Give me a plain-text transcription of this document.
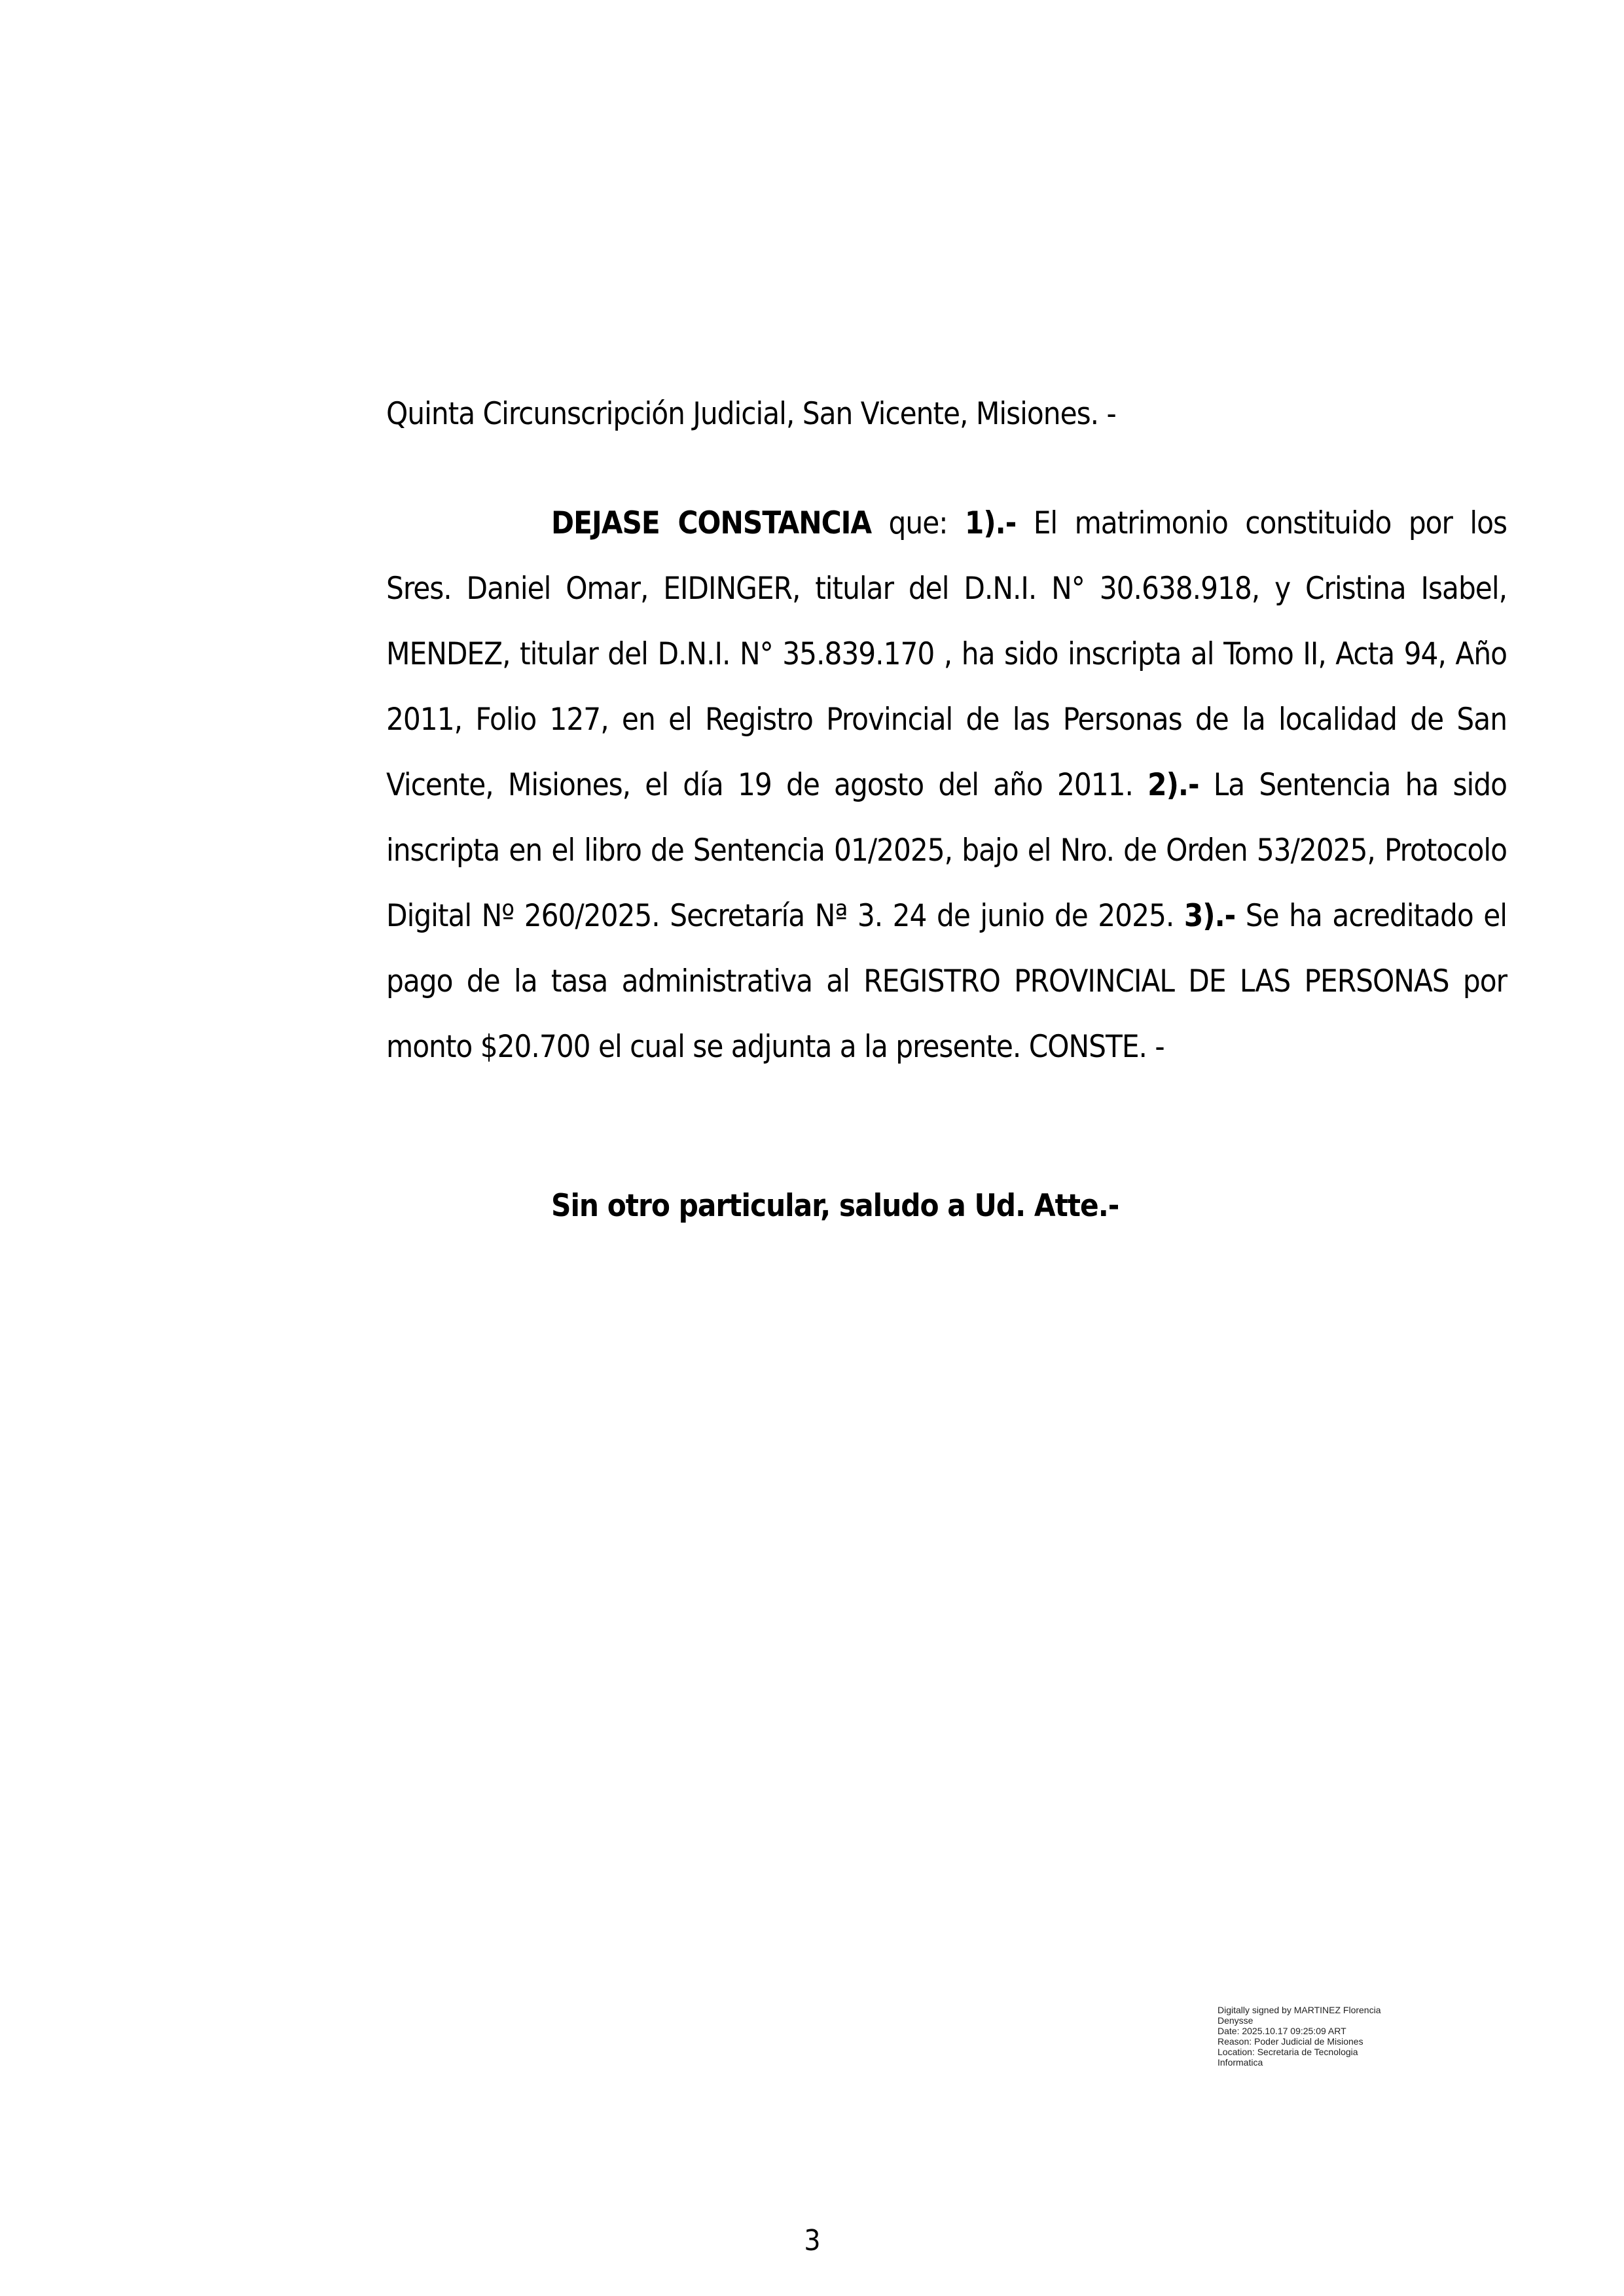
Quinta Circunscripción Judicial, San Vicente, Misiones. -

DEJASE CONSTANCIA que: 1).- El matrimonio constituido por los Sres. Daniel Omar, EIDINGER, titular del D.N.I. N° 30.638.918, y Cristina Isabel, MENDEZ, titular del D.N.I. N° 35.839.170 , ha sido inscripta al Tomo II, Acta 94, Año 2011, Folio 127, en el Registro Provincial de las Personas de la localidad de San Vicente, Misiones, el día 19 de agosto del año 2011. 2).- La Sentencia ha sido inscripta en el libro de Sentencia 01/2025, bajo el Nro. de Orden 53/2025, Protocolo Digital Nº 260/2025. Secretaría Nª 3. 24 de junio de 2025. 3).- Se ha acreditado el pago de la tasa administrativa al REGISTRO PROVINCIAL DE LAS PERSONAS por monto $20.700 el cual se adjunta a la presente. CONSTE. -

Sin otro particular, saludo a Ud. Atte.-
Digitally signed by MARTINEZ Florencia
Denysse
Date: 2025.10.17 09:25:09 ART
Reason: Poder Judicial de Misiones
Location: Secretaria de Tecnologia
Informatica
3
